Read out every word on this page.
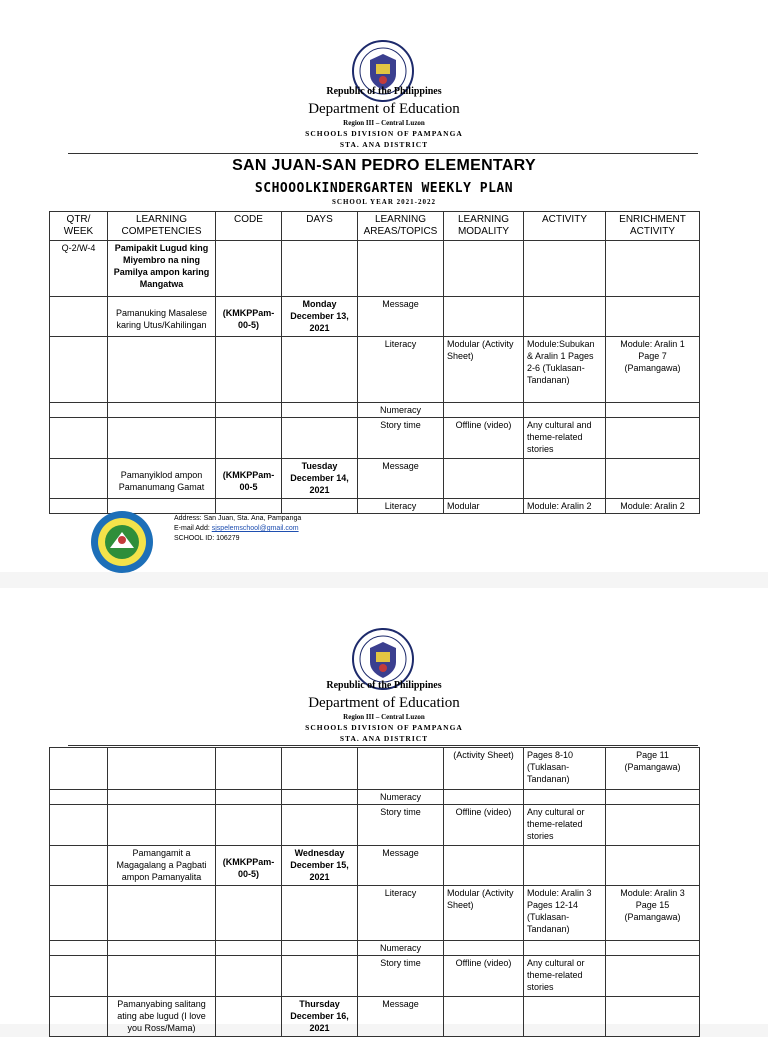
Republic of the Philippines
Department of Education
Region III – Central Luzon
SCHOOLS DIVISION OF PAMPANGA
STA. ANA DISTRICT
SAN JUAN-SAN PEDRO ELEMENTARY
SCHOOOLKINDERGARTEN WEEKLY PLAN
SCHOOL YEAR 2021-2022
QTR/ WEEK	LEARNING COMPETENCIES	CODE	DAYS	LEARNING AREAS/TOPICS	LEARNING MODALITY	ACTIVITY	ENRICHMENT ACTIVITY
Q-2/W-4	Pamipakit Lugud king Miyembro na ning Pamilya ampon karing Mangatwa						
	Pamanuking Masalese karing Utus/Kahilingan	(KMKPPam-00-5)	Monday December 13, 2021	Message			
				Literacy	Modular (Activity Sheet)	Module:Subukan & Aralin 1 Pages 2-6 (Tuklasan-Tandanan)	Module: Aralin 1 Page 7 (Pamangawa)
				Numeracy			
				Story time	Offline (video)	Any cultural and theme-related stories	
	Pamanyiklod ampon Pamanumang Gamat	(KMKPPam-00-5	Tuesday December 14, 2021	Message			
				Literacy	Modular	Module: Aralin 2	Module: Aralin 2
Address: San Juan, Sta. Ana, Pampanga
E-mail Add: sjspelemschool@gmail.com
SCHOOL ID: 106279
Republic of the Philippines
Department of Education
Region III – Central Luzon
SCHOOLS DIVISION OF PAMPANGA
STA. ANA DISTRICT
					(Activity Sheet)	Pages 8-10 (Tuklasan-Tandanan)	Page 11 (Pamangawa)
				Numeracy			
				Story time	Offline (video)	Any cultural or theme-related stories	
	Pamangamit a Magagalang a Pagbati ampon Pamanyalita	(KMKPPam-00-5)	Wednesday December 15, 2021	Message			
				Literacy	Modular (Activity Sheet)	Module: Aralin 3 Pages 12-14 (Tuklasan-Tandanan)	Module: Aralin 3 Page 15 (Pamangawa)
				Numeracy			
				Story time	Offline (video)	Any cultural or theme-related stories	
	Pamanyabing salitang ating abe lugud (I love you Ross/Mama)		Thursday December 16, 2021	Message			
